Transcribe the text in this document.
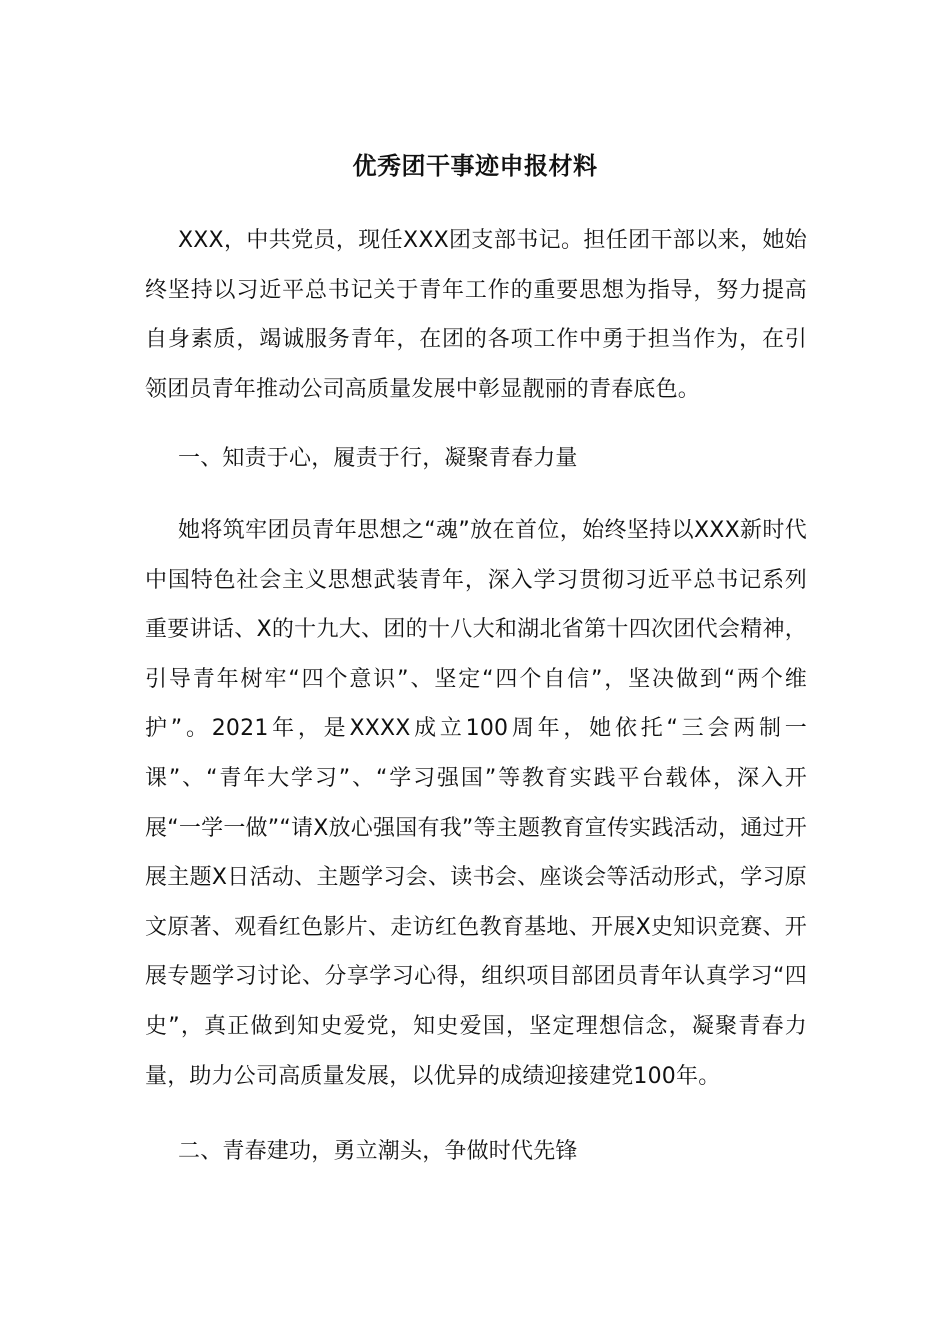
优秀团干事迹申报材料

XXX，中共党员，现任XXX团支部书记。担任团干部以来，她始终坚持以习近平总书记关于青年工作的重要思想为指导，努力提高自身素质，竭诚服务青年，在团的各项工作中勇于担当作为，在引领团员青年推动公司高质量发展中彰显靓丽的青春底色。

一、知责于心，履责于行，凝聚青春力量

她将筑牢团员青年思想之“魂”放在首位，始终坚持以XXX新时代中国特色社会主义思想武装青年，深入学习贯彻习近平总书记系列重要讲话、X的十九大、团的十八大和湖北省第十四次团代会精神，引导青年树牢“四个意识”、坚定“四个自信”，坚决做到“两个维护”。2021年，是XXXX成立100周年，她依托“三会两制一课”、“青年大学习”、“学习强国”等教育实践平台载体，深入开展“一学一做”“请X放心强国有我”等主题教育宣传实践活动，通过开展主题X日活动、主题学习会、读书会、座谈会等活动形式，学习原文原著、观看红色影片、走访红色教育基地、开展X史知识竞赛、开展专题学习讨论、分享学习心得，组织项目部团员青年认真学习“四史”，真正做到知史爱党，知史爱国，坚定理想信念，凝聚青春力量，助力公司高质量发展，以优异的成绩迎接建党100年。

二、青春建功，勇立潮头，争做时代先锋
